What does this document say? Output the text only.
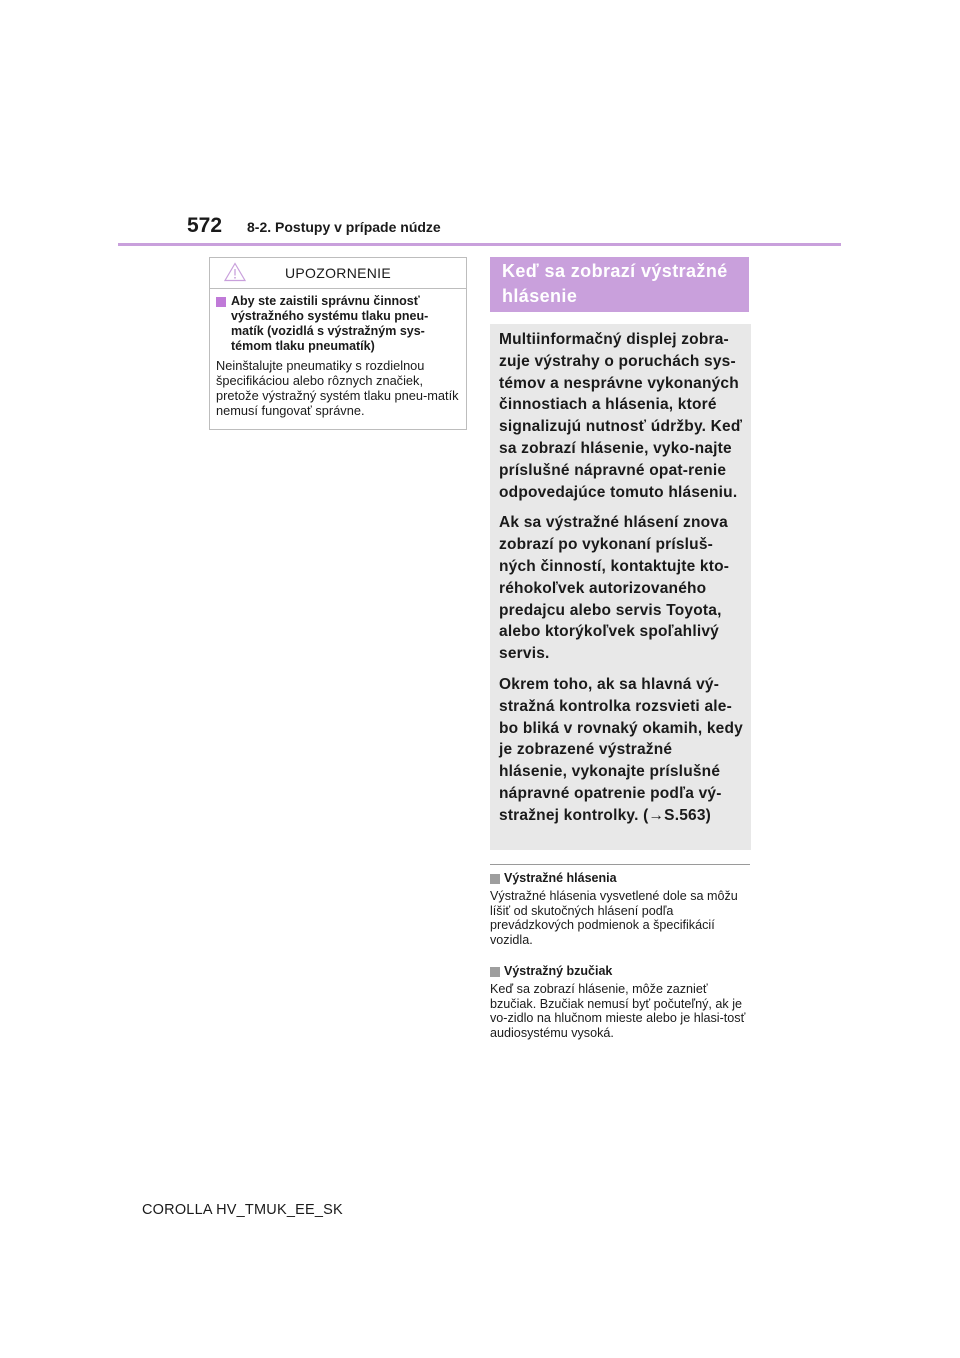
572 8-2. Postupy v prípade núdze
UPOZORNENIE
Aby ste zaistili správnu činnosť výstražného systému tlaku pneu-matík (vozidlá s výstražným sys-témom tlaku pneumatík)
Neinštalujte pneumatiky s rozdielnou špecifikáciou alebo rôznych značiek, pretože výstražný systém tlaku pneu-matík nemusí fungovať správne.
Keď sa zobrazí výstražné hlásenie

Multiinformačný displej zobra-zuje výstrahy o poruchách sys-témov a nesprávne vykonaných činnostiach a hlásenia, ktoré signalizujú nutnosť údržby. Keď sa zobrazí hlásenie, vyko-najte príslušné nápravné opat-renie odpovedajúce tomuto hláseniu.

Ak sa výstražné hlásení znova zobrazí po vykonaní prísluš-ných činností, kontaktujte kto-réhokoľvek autorizovaného predajcu alebo servis Toyota, alebo ktorýkoľvek spoľahlivý servis.

Okrem toho, ak sa hlavná vý-stražná kontrolka rozsvieti ale-bo bliká v rovnaký okamih, kedy je zobrazené výstražné hlásenie, vykonajte príslušné nápravné opatrenie podľa vý-stražnej kontrolky. (→S.563)

Výstražné hlásenia
Výstražné hlásenia vysvetlené dole sa môžu líšiť od skutočných hlásení podľa prevádzkových podmienok a špecifikácií vozidla.
Výstražný bzučiak
Keď sa zobrazí hlásenie, môže zaznieť bzučiak. Bzučiak nemusí byť počuteľný, ak je vo-zidlo na hlučnom mieste alebo je hlasi-tosť audiosystému vysoká.
COROLLA HV_TMUK_EE_SK
